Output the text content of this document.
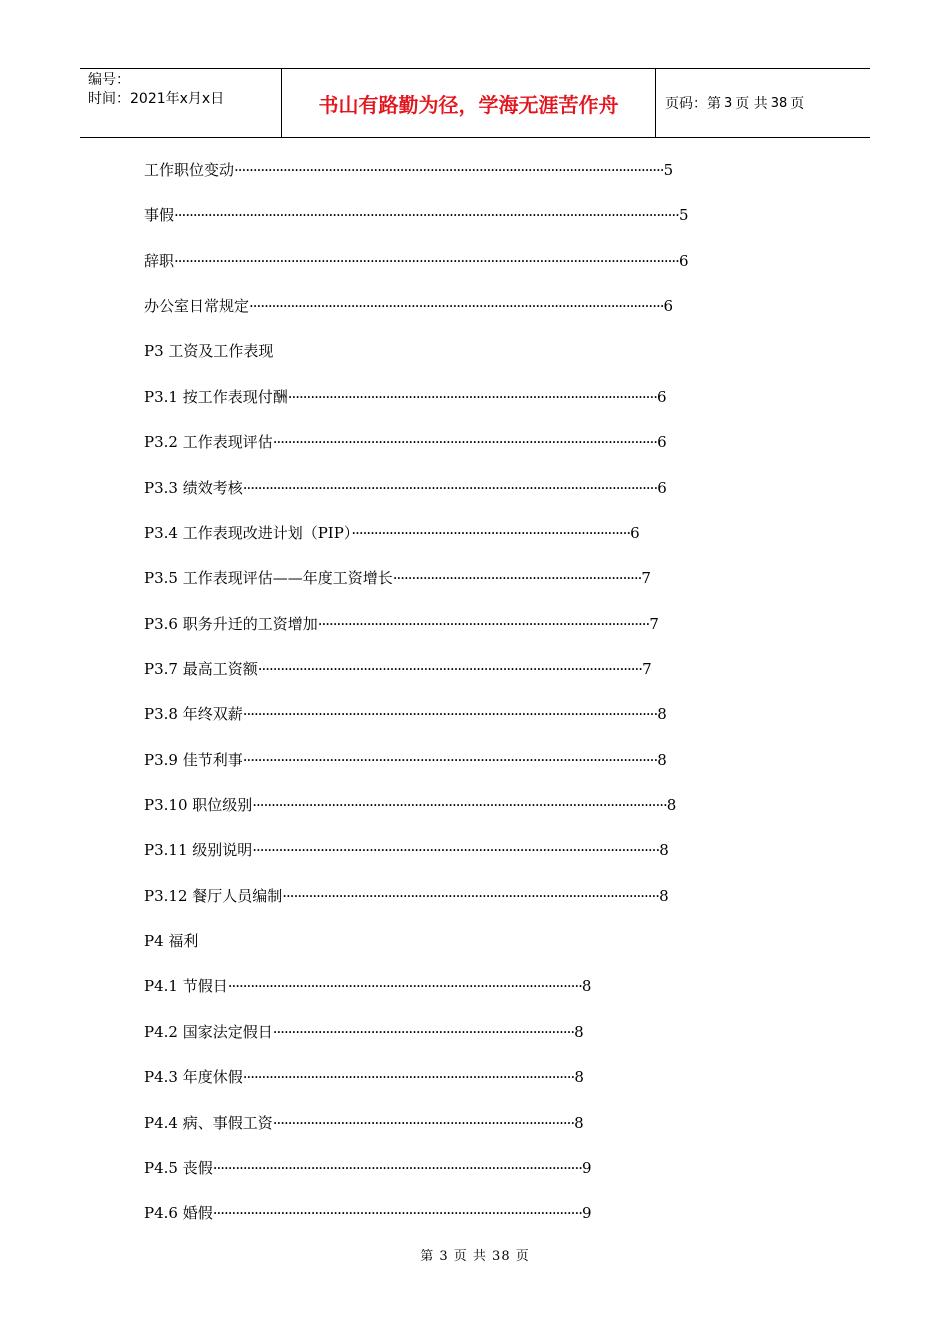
编号：
时间：2021年x月x日	书山有路勤为径，学海无涯苦作舟	页码：第 3 页 共 38 页
工作职位变动··················································································································5
事假······································································································································5
辞职······································································································································6
办公室日常规定··············································································································6
P3 工资及工作表现
P3.1 按工作表现付酬··································································································6
P3.2 工作表现评估······································································································6
P3.3 绩效考核··············································································································6
P3.4 工作表现改进计划（PIP）··········································································6
P3.5 工作表现评估——年度工资增长··································································7
P3.6 职务升迁的工资增加························································································7
P3.7 最高工资额······································································································7
P3.8 年终双薪··············································································································8
P3.9 佳节利事··············································································································8
P3.10 职位级别··············································································································8
P3.11 级别说明············································································································8
P3.12 餐厅人员编制····································································································8
P4 福利
P4.1 节假日······························································································8
P4.2 国家法定假日················································································8
P4.3 年度休假························································································8
P4.4 病、事假工资················································································8
P4.5 丧假··································································································9
P4.6 婚假··································································································9
第 3 页 共 38 页
